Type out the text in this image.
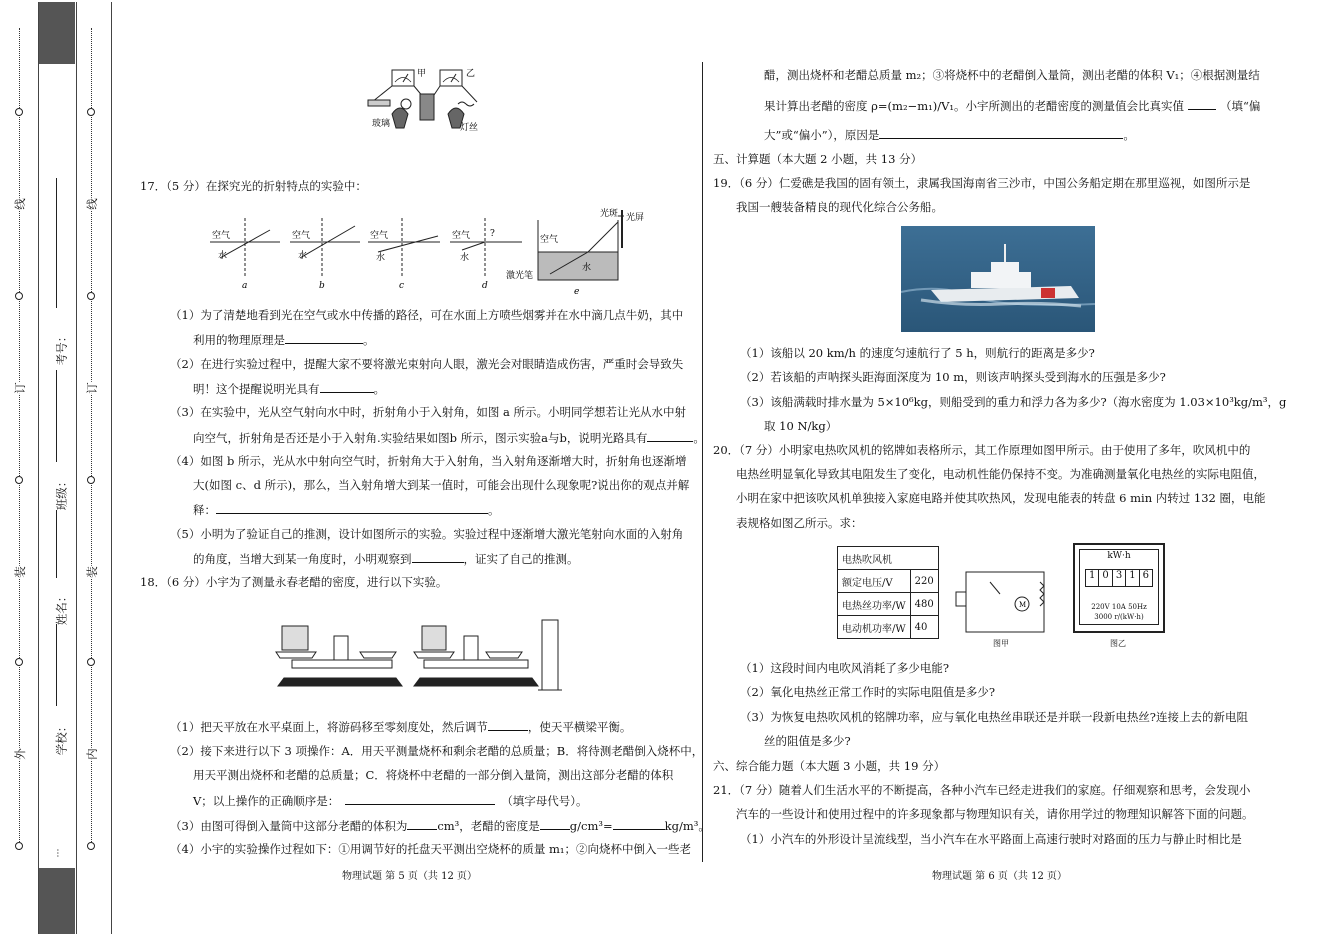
线
订
装
外
线
订
装
内
考号：
班级：
姓名：
学校：
…
甲	乙
玻璃	灯丝
17．（5 分）在探究光的折射特点的实验中：
空气
水
a
空气
水
b
空气
水
c
空气
水
?
d
空气
水
光斑 光屏
激光笔
e
（1）为了清楚地看到光在空气或水中传播的路径，可在水面上方喷些烟雾并在水中滴几点牛奶，其中
利用的物理原理是	。
（2）在进行实验过程中，提醒大家不要将激光束射向人眼，激光会对眼睛造成伤害，严重时会导致失
明！这个提醒说明光具有	。
（3）在实验中，光从空气射向水中时，折射角小于入射角，如图 a 所示。小明同学想若让光从水中射
向空气，折射角是否还是小于入射角.实验结果如图b 所示，图示实验a与b，说明光路具有	。
（4）如图 b 所示，光从水中射向空气时，折射角大于入射角，当入射角逐渐增大时，折射角也逐渐增
大(如图 c、d 所示)，那么，当入射角增大到某一值时，可能会出现什么现象呢?说出你的观点并解
释：	。
（5）小明为了验证自己的推测，设计如图所示的实验。实验过程中逐渐增大激光笔射向水面的入射角
的角度，当增大到某一角度时，小明观察到	，证实了自己的推测。
18．（6 分）小宇为了测量永春老醋的密度，进行以下实验。
（1）把天平放在水平桌面上，将游码移至零刻度处，然后调节	，使天平横梁平衡。
（2）接下来进行以下 3 项操作：A．用天平测量烧杯和剩余老醋的总质量；B．将待测老醋倒入烧杯中，
用天平测出烧杯和老醋的总质量；C．将烧杯中老醋的一部分倒入量筒，测出这部分老醋的体积
V；以上操作的正确顺序是：	（填字母代号）。
（3）由图可得倒入量筒中这部分老醋的体积为	cm³，老醋的密度是	g/cm³=	kg/m³。
（4）小宇的实验操作过程如下：①用调节好的托盘天平测出空烧杯的质量 m₁；②向烧杯中倒入一些老
物理试题 第 5 页（共 12 页）
醋，测出烧杯和老醋总质量 m₂；③将烧杯中的老醋倒入量筒，测出老醋的体积 V₁；④根据测量结
果计算出老醋的密度 ρ=(m₂−m₁)/V₁。小宇所测出的老醋密度的测量值会比真实值	（填“偏
大”或“偏小”），原因是	。
五、计算题（本大题 2 小题，共 13 分）
19．（6 分）仁爱礁是我国的固有领土，隶属我国海南省三沙市，中国公务船定期在那里巡视，如图所示是
我国一艘装备精良的现代化综合公务船。
（1）该船以 20 km/h 的速度匀速航行了 5 h，则航行的距离是多少?
（2）若该船的声呐探头距海面深度为 10 m，则该声呐探头受到海水的压强是多少?
（3）该船满载时排水量为 5×10⁶kg，则船受到的重力和浮力各为多少?（海水密度为 1.03×10³kg/m³，g
取 10 N/kg）
20．（7 分）小明家电热吹风机的铭牌如表格所示，其工作原理如图甲所示。由于使用了多年，吹风机中的
电热丝明显氧化导致其电阻发生了变化，电动机性能仍保持不变。为准确测量氧化电热丝的实际电阻值，
小明在家中把该吹风机单独接入家庭电路并使其吹热风，发现电能表的转盘 6 min 内转过 132 圈，电能
表规格如图乙所示。求：
电热吹风机	
额定电压/V	220
电热丝功率/W	480
电动机功率/W	40
M
图甲
kW·h
1 0 3 1 6
220V 10A 50Hz
3000 r/(kW·h)
图乙
（1）这段时间内电吹风消耗了多少电能?
（2）氧化电热丝正常工作时的实际电阻值是多少?
（3）为恢复电热吹风机的铭牌功率，应与氧化电热丝串联还是并联一段新电热丝?连接上去的新电阻
丝的阻值是多少?
六、综合能力题（本大题 3 小题，共 19 分）
21．（7 分）随着人们生活水平的不断提高，各种小汽车已经走进我们的家庭。仔细观察和思考，会发现小
汽车的一些设计和使用过程中的许多现象都与物理知识有关，请你用学过的物理知识解答下面的问题。
（1）小汽车的外形设计呈流线型，当小汽车在水平路面上高速行驶时对路面的压力与静止时相比是
物理试题 第 6 页（共 12 页）
